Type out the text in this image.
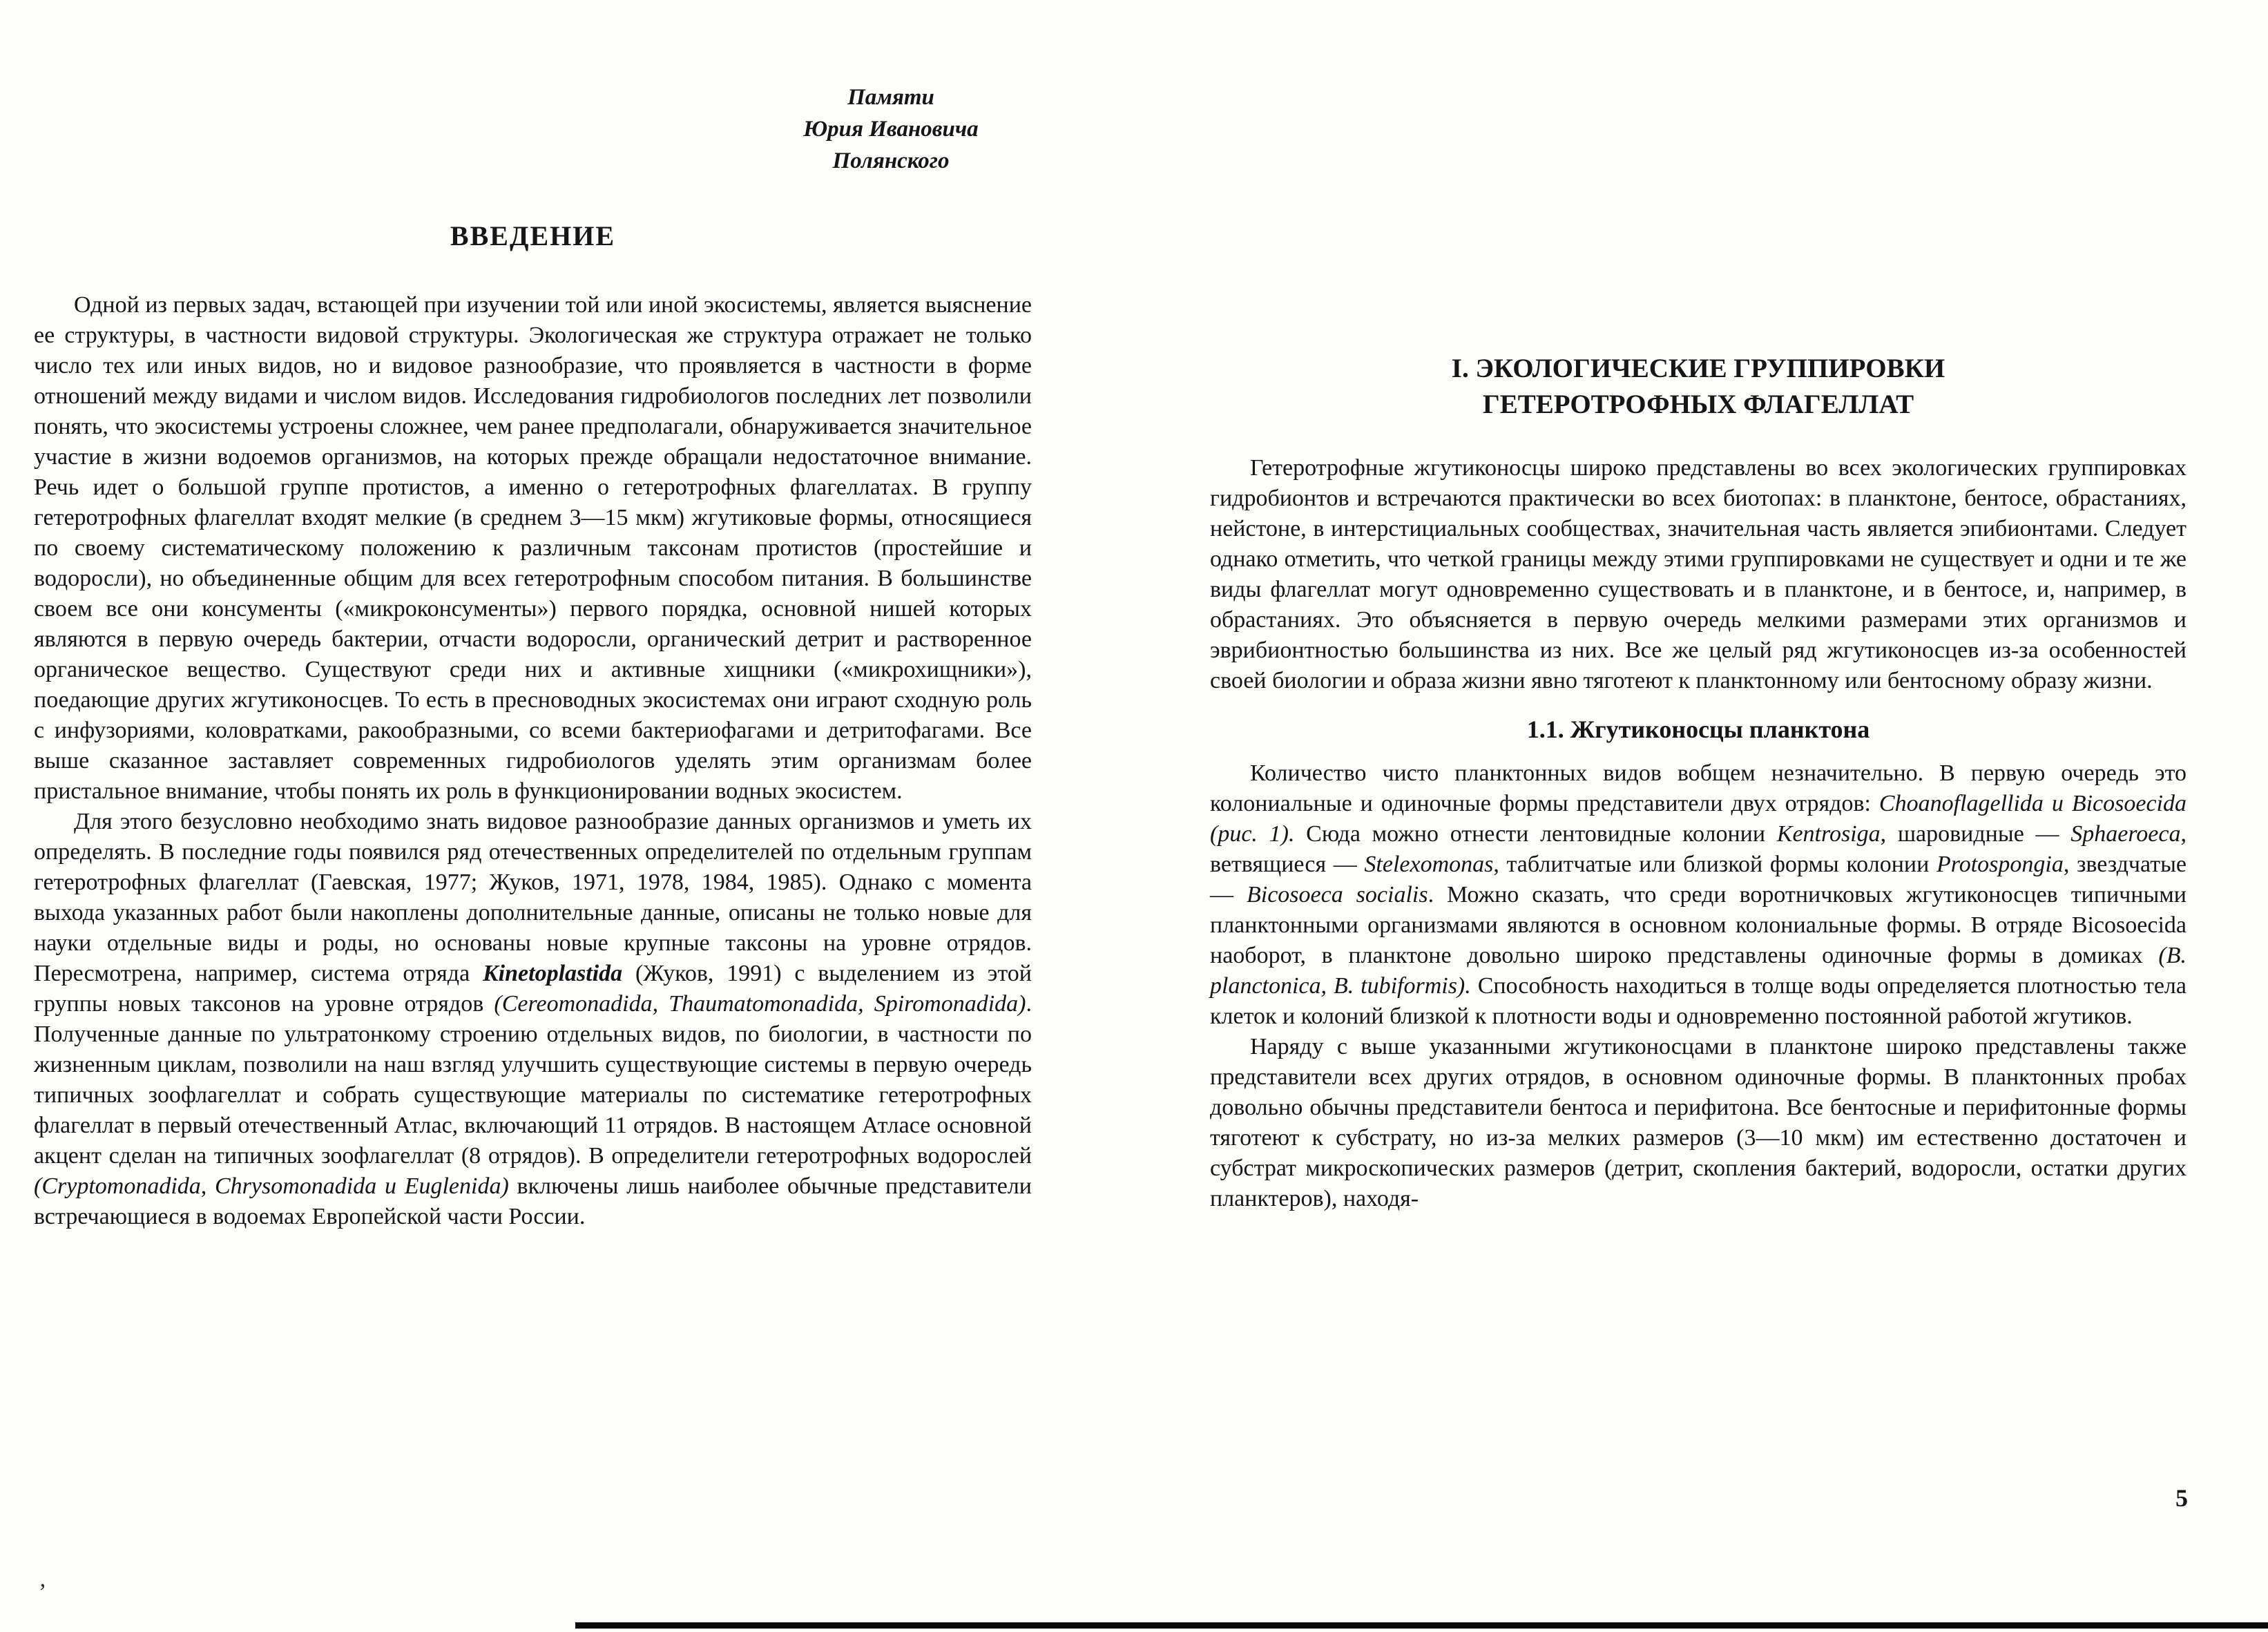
Памяти
Юрия Ивановича
Полянского
ВВЕДЕНИЕ

Одной из первых задач, встающей при изучении той или иной экосистемы, является выяснение ее структуры, в частности видовой структуры. Экологическая же структура отражает не только число тех или иных видов, но и видовое разнообразие, что проявляется в частности в форме отношений между видами и числом видов. Исследования гидробиологов последних лет позволили понять, что экосистемы устроены сложнее, чем ранее предполагали, обнаруживается значительное участие в жизни водоемов организмов, на которых прежде обращали недостаточное внимание. Речь идет о большой группе протистов, а именно о гетеротрофных флагеллатах. В группу гетеротрофных флагеллат входят мелкие (в среднем 3—15 мкм) жгутиковые формы, относящиеся по своему систематическому положению к различным таксонам протистов (простейшие и водоросли), но объединенные общим для всех гетеротрофным способом питания. В большинстве своем все они консументы («микроконсументы») первого порядка, основной нишей которых являются в первую очередь бактерии, отчасти водоросли, органический детрит и растворенное органическое вещество. Существуют среди них и активные хищники («микрохищники»), поедающие других жгутиконосцев. То есть в пресноводных экосистемах они играют сходную роль с инфузориями, коловратками, ракообразными, со всеми бактериофагами и детритофагами. Все выше сказанное заставляет современных гидробиологов уделять этим организмам более пристальное внимание, чтобы понять их роль в функционировании водных экосистем.

Для этого безусловно необходимо знать видовое разнообразие данных организмов и уметь их определять. В последние годы появился ряд отечественных определителей по отдельным группам гетеротрофных флагеллат (Гаевская, 1977; Жуков, 1971, 1978, 1984, 1985). Однако с момента выхода указанных работ были накоплены дополнительные данные, описаны не только новые для науки отдельные виды и роды, но основаны новые крупные таксоны на уровне отрядов. Пересмотрена, например, система отряда Kinetoplastida (Жуков, 1991) с выделением из этой группы новых таксонов на уровне отрядов (Cereomonadida, Thaumatomonadida, Spiromonadida). Полученные данные по ультратонкому строению отдельных видов, по биологии, в частности по жизненным циклам, позволили на наш взгляд улучшить существующие системы в первую очередь типичных зоофлагеллат и собрать существующие материалы по систематике гетеротрофных флагеллат в первый отечественный Атлас, включающий 11 отрядов. В настоящем Атласе основной акцент сделан на типичных зоофлагеллат (8 отрядов). В определители гетеротрофных водорослей (Cryptomonadida, Chrysomonadida и Euglenida) включены лишь наиболее обычные представители встречающиеся в водоемах Европейской части России.

I. ЭКОЛОГИЧЕСКИЕ ГРУППИРОВКИ
ГЕТЕРОТРОФНЫХ ФЛАГЕЛЛАТ

Гетеротрофные жгутиконосцы широко представлены во всех экологических группировках гидробионтов и встречаются практически во всех биотопах: в планктоне, бентосе, обрастаниях, нейстоне, в интерстициальных сообществах, значительная часть является эпибионтами. Следует однако отметить, что четкой границы между этими группировками не существует и одни и те же виды флагеллат могут одновременно существовать и в планктоне, и в бентосе, и, например, в обрастаниях. Это объясняется в первую очередь мелкими размерами этих организмов и эврибионтностью большинства из них. Все же целый ряд жгутиконосцев из-за особенностей своей биологии и образа жизни явно тяготеют к планктонному или бентосному образу жизни.

1.1. Жгутиконосцы планктона

Количество чисто планктонных видов вобщем незначительно. В первую очередь это колониальные и одиночные формы представители двух отрядов: Choanoflagellida и Bicosoecida (рис. 1). Сюда можно отнести лентовидные колонии Kentrosiga, шаровидные — Sphaeroeca, ветвящиеся — Stelexomonas, таблитчатые или близкой формы колонии Protospongia, звездчатые — Bicosoeca socialis. Можно сказать, что среди воротничковых жгутиконосцев типичными планктонными организмами являются в основном колониальные формы. В отряде Bicosoecida наоборот, в планктоне довольно широко представлены одиночные формы в домиках (B. planctonica, B. tubiformis). Способность находиться в толще воды определяется плотностью тела клеток и колоний близкой к плотности воды и одновременно постоянной работой жгутиков.

Наряду с выше указанными жгутиконосцами в планктоне широко представлены также представители всех других отрядов, в основном одиночные формы. В планктонных пробах довольно обычны представители бентоса и перифитона. Все бентосные и перифитонные формы тяготеют к субстрату, но из-за мелких размеров (3—10 мкм) им естественно достаточен и субстрат микроскопических размеров (детрит, скопления бактерий, водоросли, остатки других планктеров), находя-

5
‚
